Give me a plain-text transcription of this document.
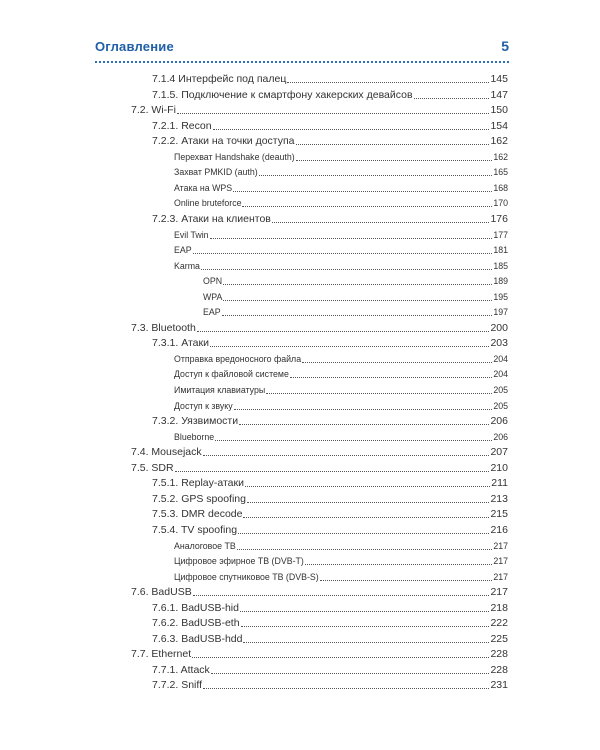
Оглавление	5
7.1.4 Интерфейс под палец	145
7.1.5. Подключение к смартфону хакерских девайсов	147
7.2. Wi-Fi	150
7.2.1. Recon	154
7.2.2. Атаки на точки доступа	162
Перехват Handshake (deauth)	162
Захват PMKID (auth)	165
Атака на WPS	168
Online bruteforce	170
7.2.3. Атаки на клиентов	176
Evil Twin	177
EAP	181
Karma	185
OPN	189
WPA	195
EAP	197
7.3. Bluetooth	200
7.3.1. Атаки	203
Отправка вредоносного файла	204
Доступ к файловой системе	204
Имитация клавиатуры	205
Доступ к звуку	205
7.3.2. Уязвимости	206
Blueborne	206
7.4. Mousejack	207
7.5. SDR	210
7.5.1. Replay-атаки	211
7.5.2. GPS spoofing	213
7.5.3. DMR decode	215
7.5.4. TV spoofing	216
Аналоговое ТВ	217
Цифровое эфирное ТВ (DVB-T)	217
Цифровое спутниковое ТВ (DVB-S)	217
7.6. BadUSB	217
7.6.1. BadUSB-hid	218
7.6.2. BadUSB-eth	222
7.6.3. BadUSB-hdd	225
7.7. Ethernet	228
7.7.1. Attack	228
7.7.2. Sniff	231
